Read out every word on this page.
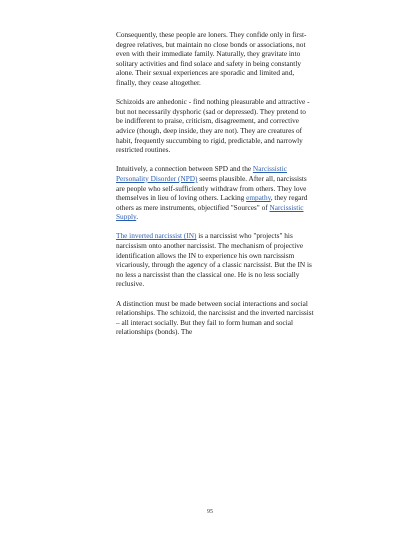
Consequently, these people are loners. They confide only in first-degree relatives, but maintain no close bonds or associations, not even with their immediate family. Naturally, they gravitate into solitary activities and find solace and safety in being constantly alone. Their sexual experiences are sporadic and limited and, finally, they cease altogether.

Schizoids are anhedonic - find nothing pleasurable and attractive - but not necessarily dysphoric (sad or depressed). They pretend to be indifferent to praise, criticism, disagreement, and corrective advice (though, deep inside, they are not). They are creatures of habit, frequently succumbing to rigid, predictable, and narrowly restricted routines.

Intuitively, a connection between SPD and the Narcissistic Personality Disorder (NPD) seems plausible. After all, narcissists are people who self-sufficiently withdraw from others. They love themselves in lieu of loving others. Lacking empathy, they regard others as mere instruments, objectified "Sources" of Narcissistic Supply.

The inverted narcissist (IN) is a narcissist who "projects" his narcissism onto another narcissist. The mechanism of projective identification allows the IN to experience his own narcissism vicariously, through the agency of a classic narcissist. But the IN is no less a narcissist than the classical one. He is no less socially reclusive.

A distinction must be made between social interactions and social relationships. The schizoid, the narcissist and the inverted narcissist – all interact socially. But they fail to form human and social relationships (bonds). The

95
